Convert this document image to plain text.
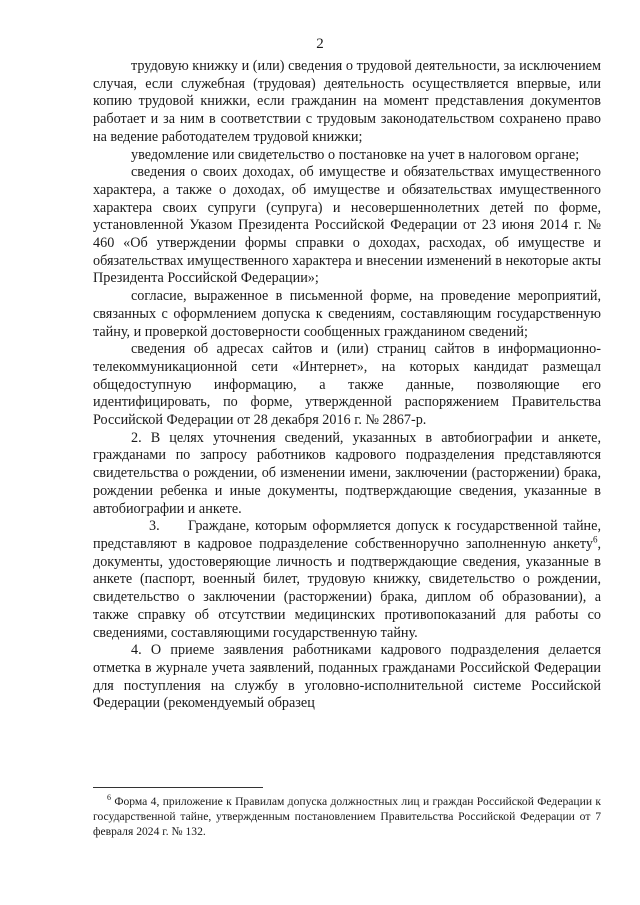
2

трудовую книжку и (или) сведения о трудовой деятельности, за исключением случая, если служебная (трудовая) деятельность осуществляется впервые, или копию трудовой книжки, если гражданин на момент представления документов работает и за ним в соответствии с трудовым законодательством сохранено право на ведение работодателем трудовой книжки;

уведомление или свидетельство о постановке на учет в налоговом органе;

сведения о своих доходах, об имуществе и обязательствах имущественного характера, а также о доходах, об имуществе и обязательствах имущественного характера своих супруги (супруга) и несовершеннолетних детей по форме, установленной Указом Президента Российской Федерации от 23 июня 2014 г. № 460 «Об утверждении формы справки о доходах, расходах, об имуществе и обязательствах имущественного характера и внесении изменений в некоторые акты Президента Российской Федерации»;

согласие, выраженное в письменной форме, на проведение мероприятий, связанных с оформлением допуска к сведениям, составляющим государственную тайну, и проверкой достоверности сообщенных гражданином сведений;

сведения об адресах сайтов и (или) страниц сайтов в информационно-телекоммуникационной сети «Интернет», на которых кандидат размещал общедоступную информацию, а также данные, позволяющие его идентифицировать, по форме, утвержденной распоряжением Правительства Российской Федерации от 28 декабря 2016 г. № 2867-р.

2. В целях уточнения сведений, указанных в автобиографии и анкете, гражданами по запросу работников кадрового подразделения представляются свидетельства о рождении, об изменении имени, заключении (расторжении) брака, рождении ребенка и иные документы, подтверждающие сведения, указанные в автобиографии и анкете.

3.  Граждане, которым оформляется допуск к государственной тайне, представляют в кадровое подразделение собственноручно заполненную анкету$^6$, документы, удостоверяющие личность и подтверждающие сведения, указанные в анкете (паспорт, военный билет, трудовую книжку, свидетельство о рождении, свидетельство о заключении (расторжении) брака, диплом об образовании), а также справку об отсутствии медицинских противопоказаний для работы со сведениями, составляющими государственную тайну.

4. О приеме заявления работниками кадрового подразделения делается отметка в журнале учета заявлений, поданных гражданами Российской Федерации для поступления на службу в уголовно-исполнительной системе Российской Федерации (рекомендуемый образец

$^6$ Форма 4, приложение к Правилам допуска должностных лиц и граждан Российской Федерации к государственной тайне, утвержденным постановлением Правительства Российской Федерации от 7 февраля 2024 г. № 132.
